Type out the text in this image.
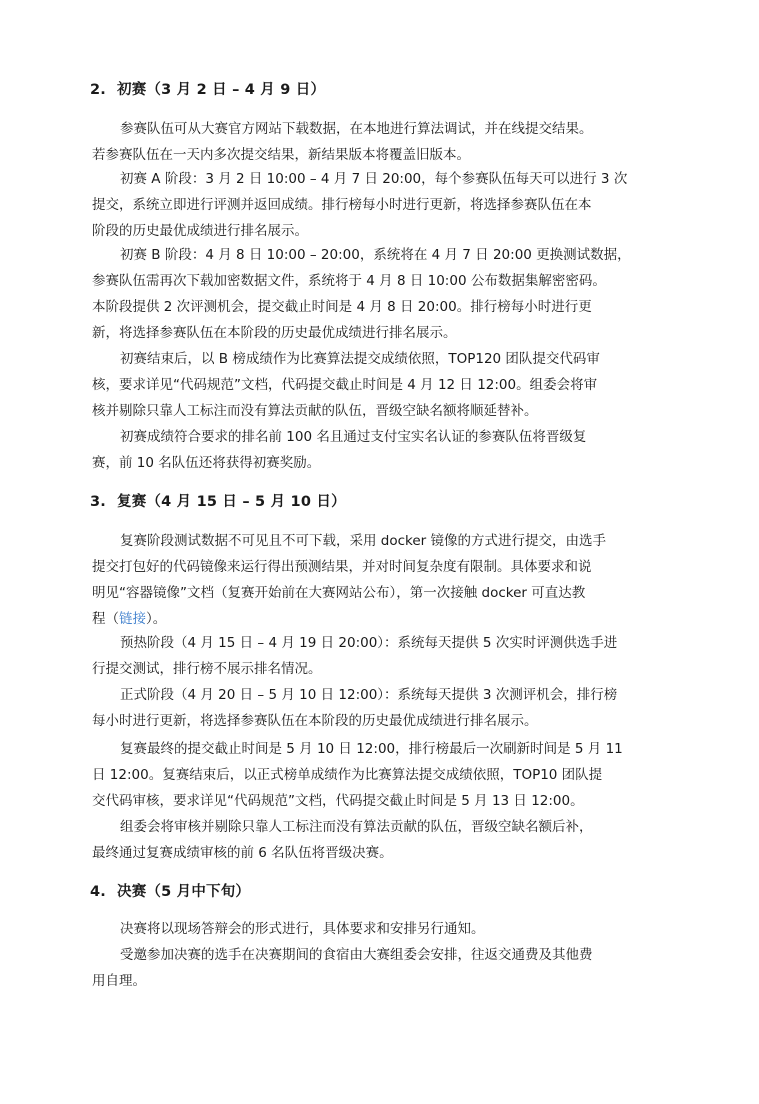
2. 初赛（3 月 2 日 – 4 月 9 日）
参赛队伍可从大赛官方网站下载数据，在本地进行算法调试，并在线提交结果。
若参赛队伍在一天内多次提交结果，新结果版本将覆盖旧版本。
初赛 A 阶段：3 月 2 日 10:00 – 4 月 7 日 20:00，每个参赛队伍每天可以进行 3 次
提交，系统立即进行评测并返回成绩。排行榜每小时进行更新，将选择参赛队伍在本
阶段的历史最优成绩进行排名展示。
初赛 B 阶段：4 月 8 日 10:00 – 20:00，系统将在 4 月 7 日 20:00 更换测试数据，
参赛队伍需再次下载加密数据文件，系统将于 4 月 8 日 10:00 公布数据集解密密码。
本阶段提供 2 次评测机会，提交截止时间是 4 月 8 日 20:00。排行榜每小时进行更
新，将选择参赛队伍在本阶段的历史最优成绩进行排名展示。
初赛结束后，以 B 榜成绩作为比赛算法提交成绩依照，TOP120 团队提交代码审
核，要求详见“代码规范”文档，代码提交截止时间是 4 月 12 日 12:00。组委会将审
核并剔除只靠人工标注而没有算法贡献的队伍，晋级空缺名额将顺延替补。
初赛成绩符合要求的排名前 100 名且通过支付宝实名认证的参赛队伍将晋级复
赛，前 10 名队伍还将获得初赛奖励。
3. 复赛（4 月 15 日 – 5 月 10 日）
复赛阶段测试数据不可见且不可下载，采用 docker 镜像的方式进行提交，由选手
提交打包好的代码镜像来运行得出预测结果，并对时间复杂度有限制。具体要求和说
明见“容器镜像”文档（复赛开始前在大赛网站公布），第一次接触 docker 可直达教
程（链接）。
预热阶段（4 月 15 日 – 4 月 19 日 20:00）：系统每天提供 5 次实时评测供选手进
行提交测试，排行榜不展示排名情况。
正式阶段（4 月 20 日 – 5 月 10 日 12:00）：系统每天提供 3 次测评机会，排行榜
每小时进行更新，将选择参赛队伍在本阶段的历史最优成绩进行排名展示。
复赛最终的提交截止时间是 5 月 10 日 12:00，排行榜最后一次刷新时间是 5 月 11
日 12:00。复赛结束后，以正式榜单成绩作为比赛算法提交成绩依照，TOP10 团队提
交代码审核，要求详见“代码规范”文档，代码提交截止时间是 5 月 13 日 12:00。
组委会将审核并剔除只靠人工标注而没有算法贡献的队伍，晋级空缺名额后补，
最终通过复赛成绩审核的前 6 名队伍将晋级决赛。
4. 决赛（5 月中下旬）
决赛将以现场答辩会的形式进行，具体要求和安排另行通知。
受邀参加决赛的选手在决赛期间的食宿由大赛组委会安排，往返交通费及其他费
用自理。
